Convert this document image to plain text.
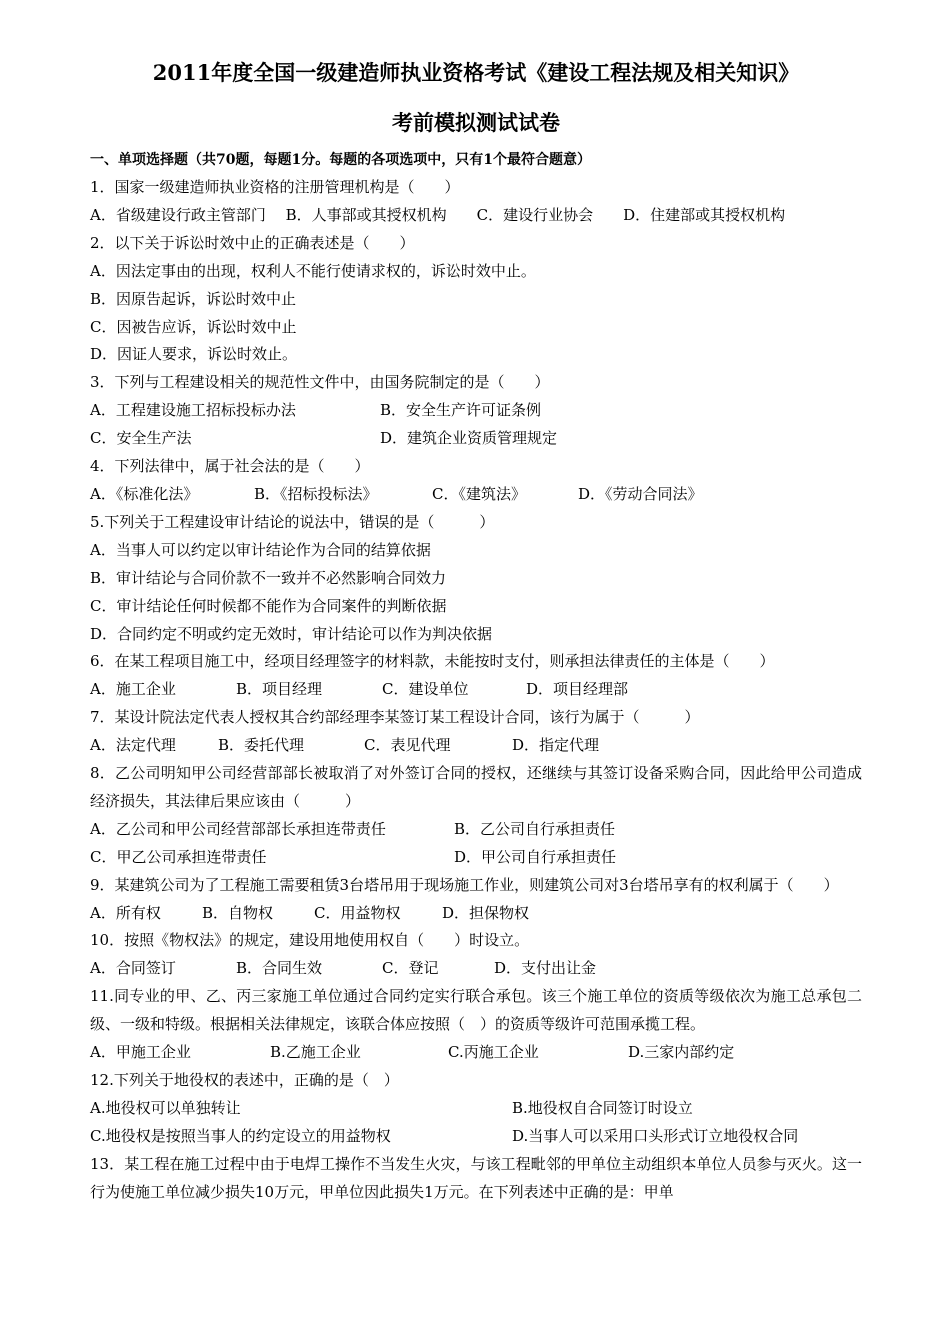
2011年度全国一级建造师执业资格考试《建设工程法规及相关知识》
考前模拟测试试卷
一、单项选择题（共70题，每题1分。每题的各项选项中，只有1个最符合题意）
1．国家一级建造师执业资格的注册管理机构是（　　）
A．省级建设行政主管部门　 B．人事部或其授权机构　　C．建设行业协会　　D．住建部或其授权机构
2．以下关于诉讼时效中止的正确表述是（　　）
A．因法定事由的出现，权利人不能行使请求权的，诉讼时效中止。
B．因原告起诉，诉讼时效中止
C．因被告应诉，诉讼时效中止
D．因证人要求，诉讼时效止。
3．下列与工程建设相关的规范性文件中，由国务院制定的是（　　）
A．工程建设施工招标投标办法	B．安全生产许可证条例
C．安全生产法	D．建筑企业资质管理规定
4．下列法律中，属于社会法的是（　　）
A．《标准化法》	B．《招标投标法》	C．《建筑法》	D．《劳动合同法》
5.下列关于工程建设审计结论的说法中，错误的是（　　　）
A．当事人可以约定以审计结论作为合同的结算依据
B．审计结论与合同价款不一致并不必然影响合同效力
C．审计结论任何时候都不能作为合同案件的判断依据
D．合同约定不明或约定无效时，审计结论可以作为判决依据
6．在某工程项目施工中，经项目经理签字的材料款，未能按时支付，则承担法律责任的主体是（　　）
A．施工企业	B．项目经理	C．建设单位	D．项目经理部
7．某设计院法定代表人授权其合约部经理李某签订某工程设计合同，该行为属于（　　　）
A．法定代理	B．委托代理	C．表见代理	D．指定代理
8．乙公司明知甲公司经营部部长被取消了对外签订合同的授权，还继续与其签订设备采购合同，因此给甲公司造成经济损失，其法律后果应该由（　　　）
A．乙公司和甲公司经营部部长承担连带责任	B．乙公司自行承担责任
C．甲乙公司承担连带责任	D．甲公司自行承担责任
9．某建筑公司为了工程施工需要租赁3台塔吊用于现场施工作业，则建筑公司对3台塔吊享有的权利属于（　　）
A．所有权	B．自物权	C．用益物权	D．担保物权
10．按照《物权法》的规定，建设用地使用权自（　　）时设立。
A．合同签订	B．合同生效	C．登记	D．支付出让金
11.同专业的甲、乙、丙三家施工单位通过合同约定实行联合承包。该三个施工单位的资质等级依次为施工总承包二级、一级和特级。根据相关法律规定，该联合体应按照（　）的资质等级许可范围承揽工程。
A．甲施工企业	B.乙施工企业	C.丙施工企业	D.三家内部约定
12.下列关于地役权的表述中，正确的是（　）
A.地役权可以单独转让	B.地役权自合同签订时设立
C.地役权是按照当事人的约定设立的用益物权	D.当事人可以采用口头形式订立地役权合同
13．某工程在施工过程中由于电焊工操作不当发生火灾，与该工程毗邻的甲单位主动组织本单位人员参与灭火。这一行为使施工单位减少损失10万元，甲单位因此损失1万元。在下列表述中正确的是：甲单
